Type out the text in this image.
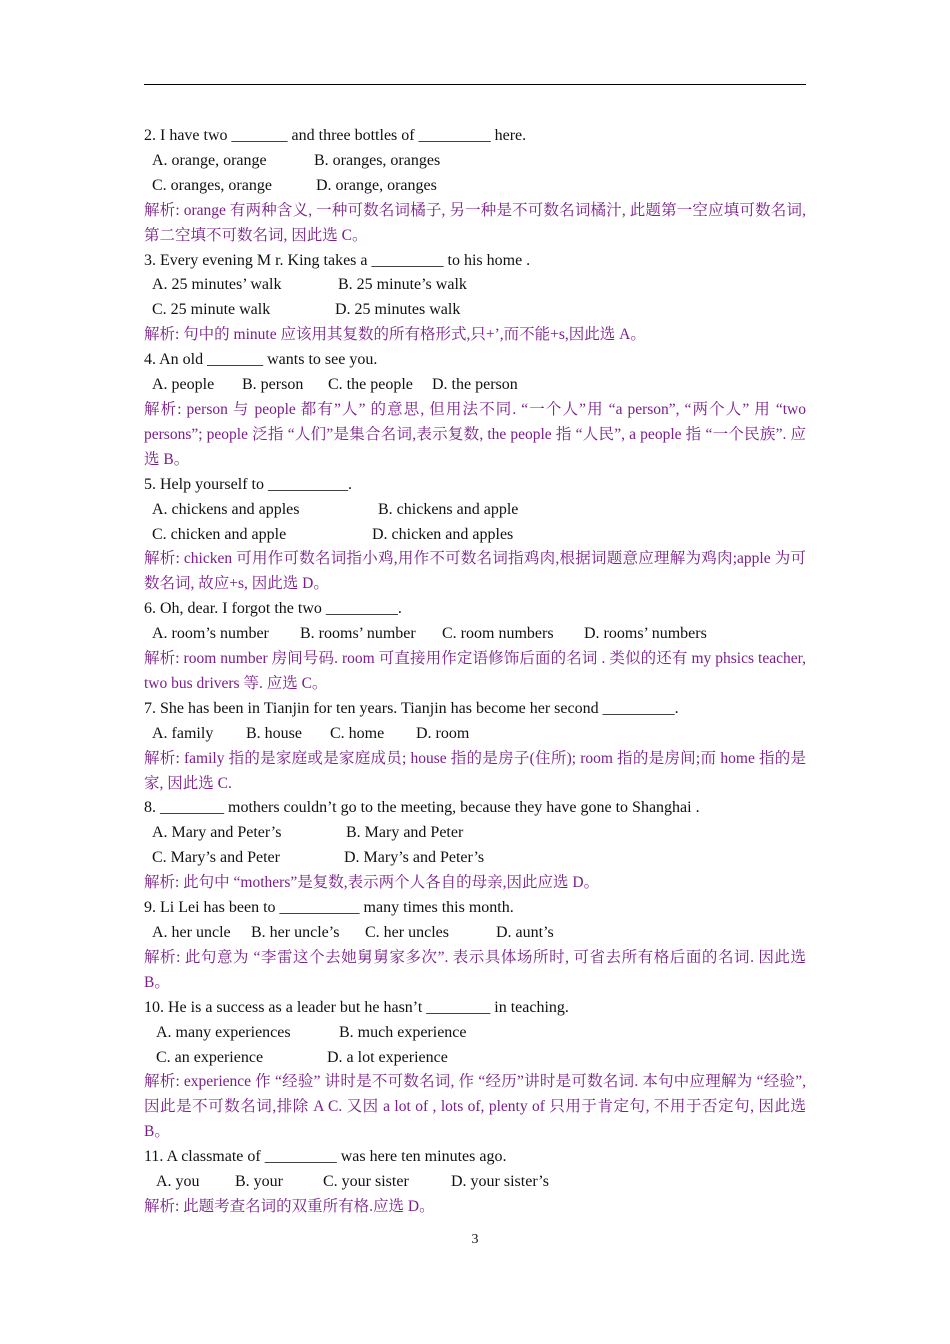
2. I have two _______ and three bottles of _________ here.
A. orange, orange	B. oranges, oranges
C. oranges, orange	D. orange, oranges
解析: orange 有两种含义, 一种可数名词橘子, 另一种是不可数名词橘汁, 此题第一空应填可数名词, 第二空填不可数名词, 因此选 C。
3. Every evening M r. King takes a _________ to his home .
A. 25 minutes’ walk	B. 25 minute’s walk
C. 25 minute walk	D. 25 minutes walk
解析: 句中的 minute 应该用其复数的所有格形式,只+’,而不能+s,因此选 A。
4. An old _______ wants to see you.
A. people B. person C. the people D. the person
解析: person 与 people 都有”人” 的意思, 但用法不同. “一个人”用 “a person”, “两个人” 用 “two persons”; people 泛指 “人们”是集合名词,表示复数, the people 指 “人民”, a people 指 “一个民族”. 应选 B。
5. Help yourself to __________.
A. chickens and apples	B. chickens and apple
C. chicken and apple	D. chicken and apples
解析: chicken 可用作可数名词指小鸡,用作不可数名词指鸡肉,根据词题意应理解为鸡肉;apple 为可数名词, 故应+s, 因此选 D。
6. Oh, dear. I forgot the two _________.
A. room’s number B. rooms’ number C. room numbers D. rooms’ numbers
解析: room number 房间号码. room 可直接用作定语修饰后面的名词 . 类似的还有 my phsics teacher, two bus drivers 等. 应选 C。
7. She has been in Tianjin for ten years. Tianjin has become her second _________.
A. family B. house C. home D. room
解析: family 指的是家庭或是家庭成员; house 指的是房子(住所); room 指的是房间;而 home 指的是家, 因此选 C.
8. ________ mothers couldn’t go to the meeting, because they have gone to Shanghai .
A. Mary and Peter’s	B. Mary and Peter
C. Mary’s and Peter	D. Mary’s and Peter’s
解析: 此句中 “mothers”是复数,表示两个人各自的母亲,因此应选 D。
9. Li Lei has been to __________ many times this month.
A. her uncle B. her uncle’s C. her uncles	D. aunt’s
解析: 此句意为 “李雷这个去她舅舅家多次”. 表示具体场所时, 可省去所有格后面的名词. 因此选 B。
10. He is a success as a leader but he hasn’t ________ in teaching.
A. many experiences	B. much experience
C. an experience	D. a lot experience
解析: experience 作 “经验” 讲时是不可数名词, 作 “经历”讲时是可数名词. 本句中应理解为 “经验”,因此是不可数名词,排除 A C. 又因 a lot of , lots of, plenty of 只用于肯定句, 不用于否定句, 因此选 B。
11. A classmate of _________ was here ten minutes ago.
A. you B. your	C. your sister	D. your sister’s
解析: 此题考查名词的双重所有格.应选 D。
3
